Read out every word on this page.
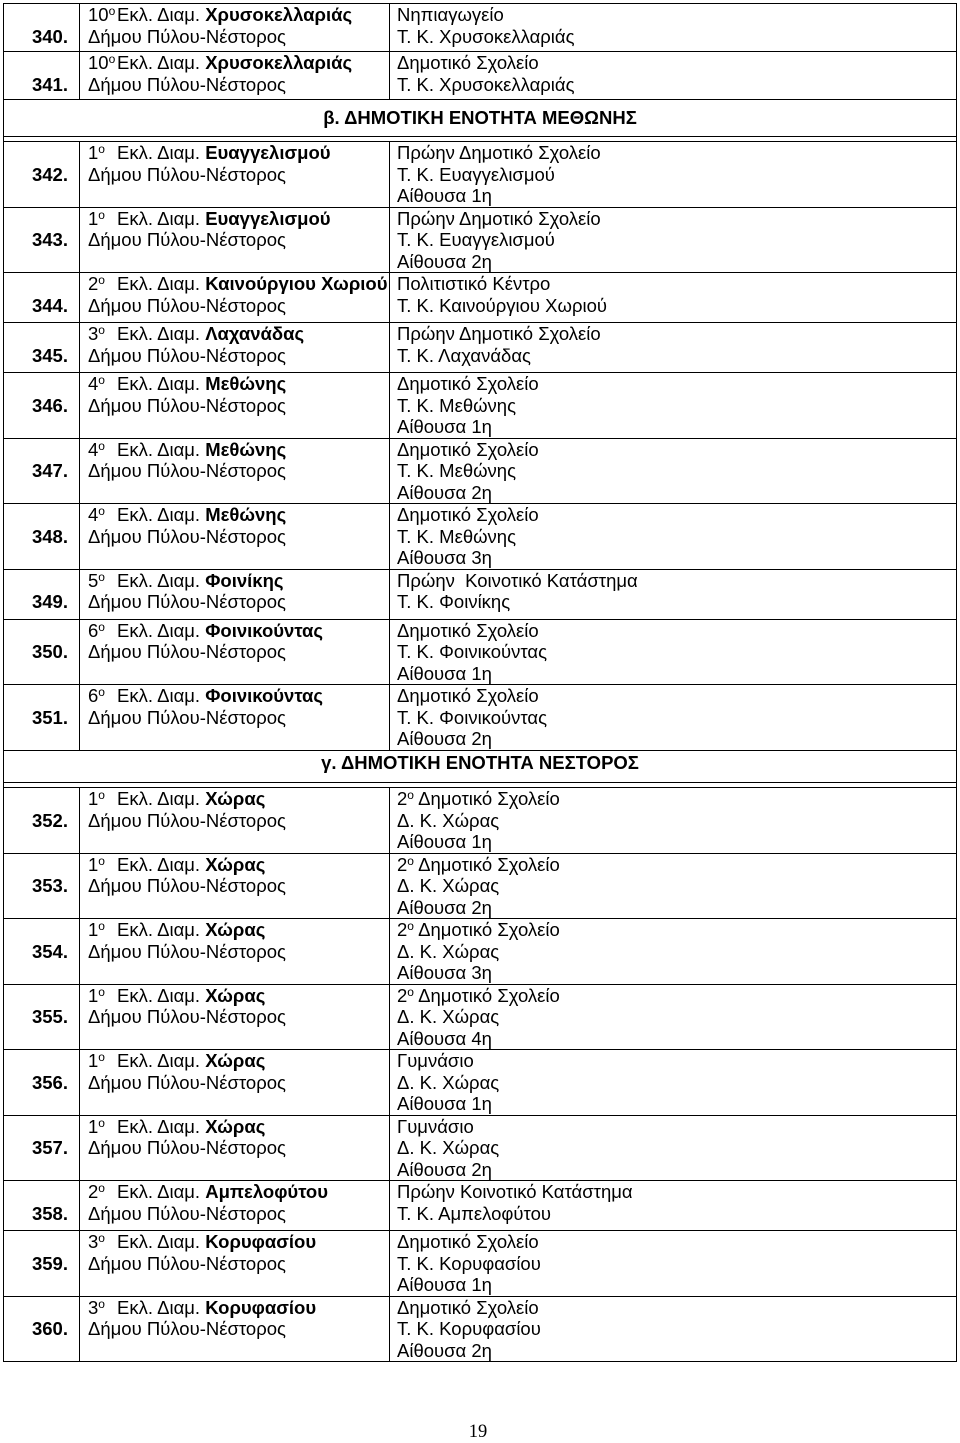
340.
$10^oE\kappa\lambda$. Διαμ. Χρυσοκελλαριάς
Δήμου Πύλου-Νέστορος
Νηπιαγωγείο
Τ. Κ. Χρυσοκελλαριάς
341.
$10^oE\kappa\lambda$. Διαμ. Χρυσοκελλαριάς
Δήμου Πύλου-Νέστορος
Δημοτικό Σχολείο
Τ. Κ. Χρυσοκελλαριάς
β. ΔΗΜΟΤΙΚΗ ΕΝΟΤΗΤΑ ΜΕΘΩΝΗΣ
342.
$1^o$ Εκλ. Διαμ. Ευαγγελισμού
Δήμου Πύλου-Νέστορος
Πρώην Δημοτικό Σχολείο
Τ. Κ. Ευαγγελισμού
Αίθουσα 1η
343.
$1^o$ Εκλ. Διαμ. Ευαγγελισμού
Δήμου Πύλου-Νέστορος
Πρώην Δημοτικό Σχολείο
Τ. Κ. Ευαγγελισμού
Αίθουσα 2η
344.
$2^o$ Εκλ. Διαμ. Καινούργιου Χωριού
Δήμου Πύλου-Νέστορος
Πολιτιστικό Κέντρο
Τ. Κ. Καινούργιου Χωριού
345.
$3^o$ Εκλ. Διαμ. Λαχανάδας
Δήμου Πύλου-Νέστορος
Πρώην Δημοτικό Σχολείο
Τ. Κ. Λαχανάδας
346.
$4^o$ Εκλ. Διαμ. Μεθώνης
Δήμου Πύλου-Νέστορος
Δημοτικό Σχολείο
Τ. Κ. Μεθώνης
Αίθουσα 1η
347.
$4^o$ Εκλ. Διαμ. Μεθώνης
Δήμου Πύλου-Νέστορος
Δημοτικό Σχολείο
Τ. Κ. Μεθώνης
Αίθουσα 2η
348.
$4^o$ Εκλ. Διαμ. Μεθώνης
Δήμου Πύλου-Νέστορος
Δημοτικό Σχολείο
Τ. Κ. Μεθώνης
Αίθουσα 3η
349.
$5^o$ Εκλ. Διαμ. Φοινίκης
Δήμου Πύλου-Νέστορος
Πρώην  Κοινοτικό Κατάστημα
Τ. Κ. Φοινίκης
350.
$6^o$ Εκλ. Διαμ. Φοινικούντας
Δήμου Πύλου-Νέστορος
Δημοτικό Σχολείο
Τ. Κ. Φοινικούντας
Αίθουσα 1η
351.
$6^o$ Εκλ. Διαμ. Φοινικούντας
Δήμου Πύλου-Νέστορος
Δημοτικό Σχολείο
Τ. Κ. Φοινικούντας
Αίθουσα 2η
γ. ΔΗΜΟΤΙΚΗ ΕΝΟΤΗΤΑ ΝΕΣΤΟΡΟΣ
352.
$1^o$ Εκλ. Διαμ. Χώρας
Δήμου Πύλου-Νέστορος
$2^o$ Δημοτικό Σχολείο
Δ. Κ. Χώρας
Αίθουσα 1η
353.
$1^o$ Εκλ. Διαμ. Χώρας
Δήμου Πύλου-Νέστορος
$2^o$ Δημοτικό Σχολείο
Δ. Κ. Χώρας
Αίθουσα 2η
354.
$1^o$ Εκλ. Διαμ. Χώρας
Δήμου Πύλου-Νέστορος
$2^o$ Δημοτικό Σχολείο
Δ. Κ. Χώρας
Αίθουσα 3η
355.
$1^o$ Εκλ. Διαμ. Χώρας
Δήμου Πύλου-Νέστορος
$2^o$ Δημοτικό Σχολείο
Δ. Κ. Χώρας
Αίθουσα 4η
356.
$1^o$ Εκλ. Διαμ. Χώρας
Δήμου Πύλου-Νέστορος
Γυμνάσιο
Δ. Κ. Χώρας
Αίθουσα 1η
357.
$1^o$ Εκλ. Διαμ. Χώρας
Δήμου Πύλου-Νέστορος
Γυμνάσιο
Δ. Κ. Χώρας
Αίθουσα 2η
358.
$2^o$ Εκλ. Διαμ. Αμπελοφύτου
Δήμου Πύλου-Νέστορος
Πρώην Κοινοτικό Κατάστημα
Τ. Κ. Αμπελοφύτου
359.
$3^o$ Εκλ. Διαμ. Κορυφασίου
Δήμου Πύλου-Νέστορος
Δημοτικό Σχολείο
Τ. Κ. Κορυφασίου
Αίθουσα 1η
360.
$3^o$ Εκλ. Διαμ. Κορυφασίου
Δήμου Πύλου-Νέστορος
Δημοτικό Σχολείο
Τ. Κ. Κορυφασίου
Αίθουσα 2η
19
